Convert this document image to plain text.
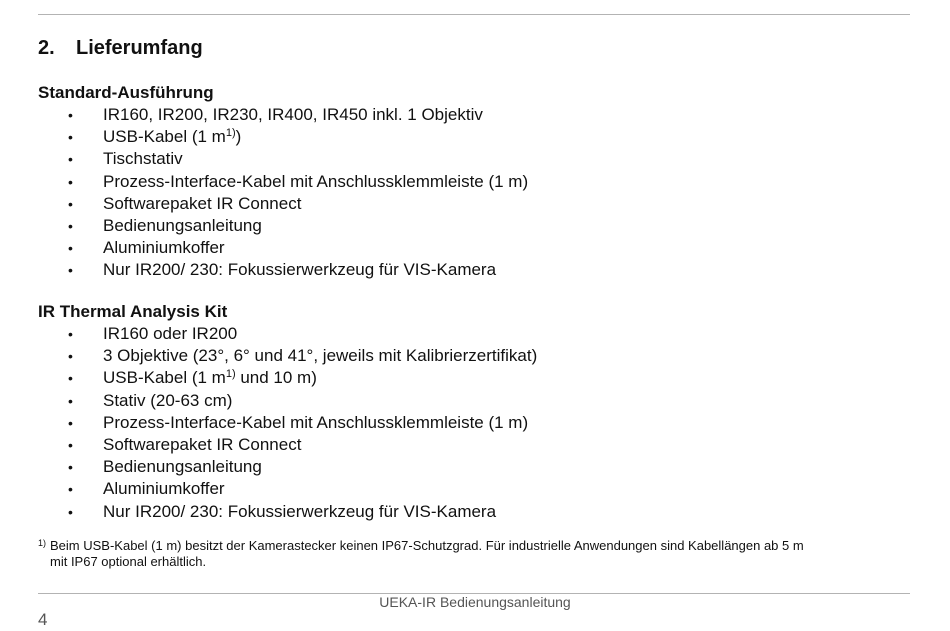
2. Lieferumfang
Standard-Ausführung
• IR160, IR200, IR230, IR400, IR450 inkl. 1 Objektiv
• USB-Kabel (1 $m^{1)}$)
• Tischstativ
• Prozess-Interface-Kabel mit Anschlussklemmleiste (1 m)
• Softwarepaket IR Connect
• Bedienungsanleitung
• Aluminiumkoffer
• Nur IR200/ 230: Fokussierwerkzeug für VIS-Kamera
IR Thermal Analysis Kit
• IR160 oder IR200
• 3 Objektive (23°, 6° und 41°, jeweils mit Kalibrierzertifikat)
• USB-Kabel (1 $m^{1)}$ und 10 m)
• Stativ (20-63 cm)
• Prozess-Interface-Kabel mit Anschlussklemmleiste (1 m)
• Softwarepaket IR Connect
• Bedienungsanleitung
• Aluminiumkoffer
• Nur IR200/ 230: Fokussierwerkzeug für VIS-Kamera
$^{1)}$ Beim USB-Kabel (1 m) besitzt der Kamerastecker keinen IP67-Schutzgrad. Für industrielle Anwendungen sind Kabellängen ab 5 m
mit IP67 optional erhältlich.
UEKA-IR Bedienungsanleitung
4
